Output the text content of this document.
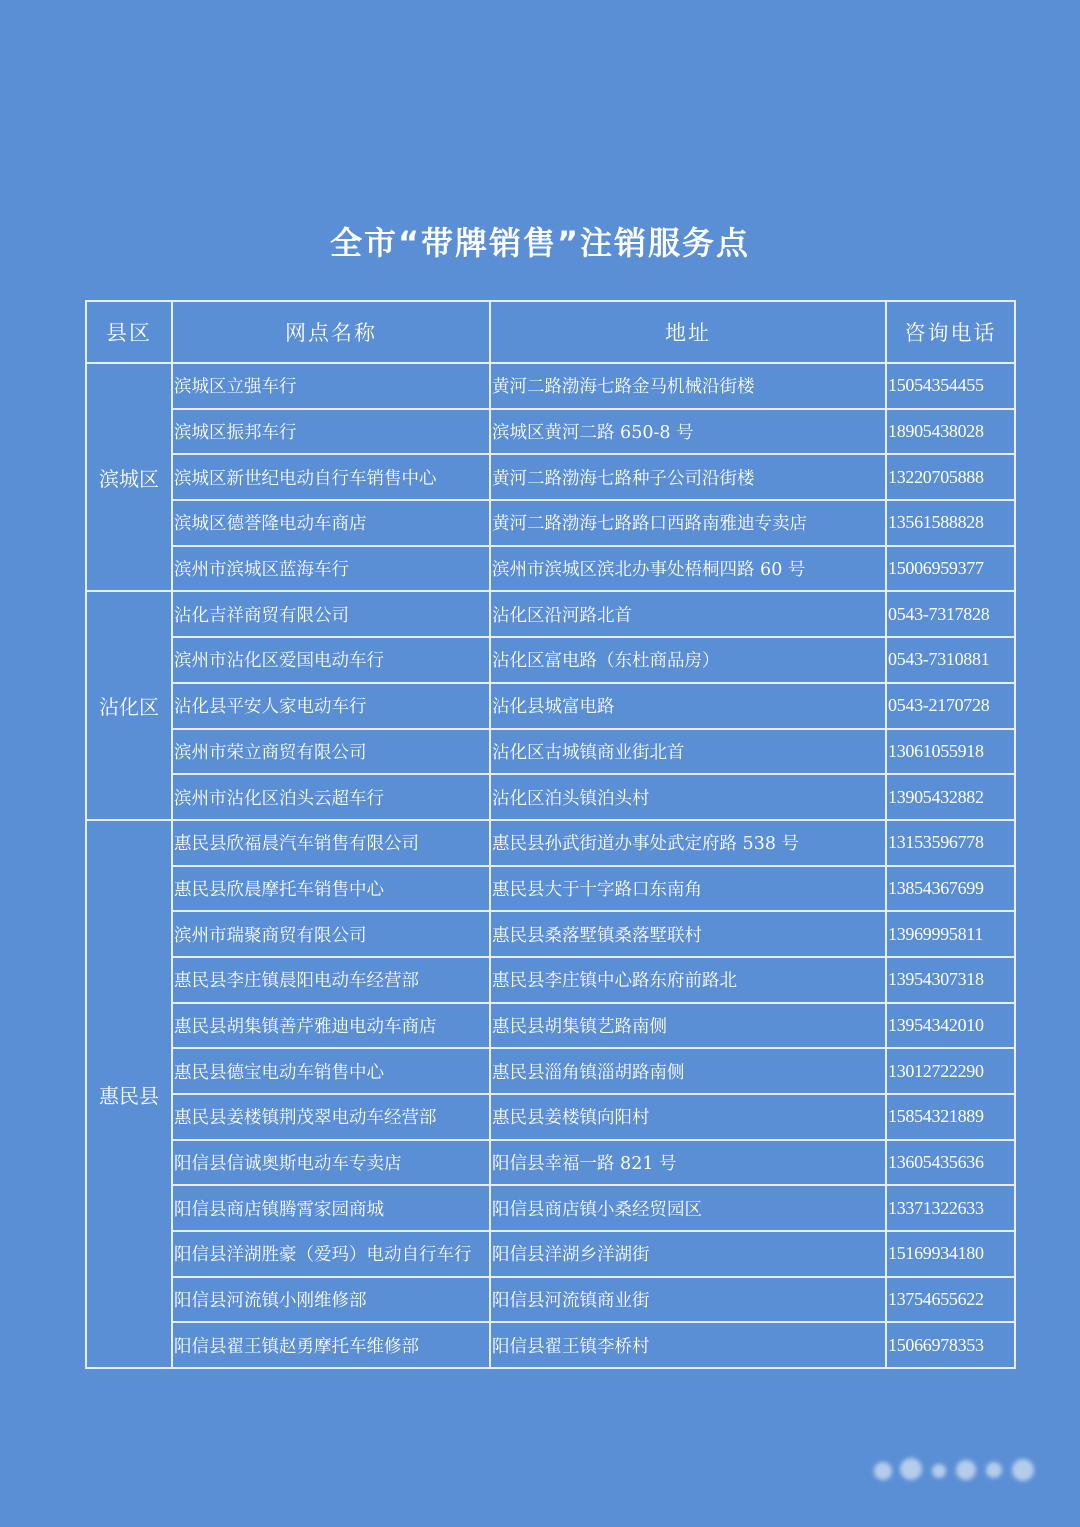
全市“带牌销售”注销服务点
县区	网点名称	地址	咨询电话
滨城区	滨城区立强车行	黄河二路渤海七路金马机械沿街楼	15054354455
	滨城区振邦车行	滨城区黄河二路 650-8 号	18905438028
	滨城区新世纪电动自行车销售中心	黄河二路渤海七路种子公司沿街楼	13220705888
	滨城区德誉隆电动车商店	黄河二路渤海七路路口西路南雅迪专卖店	13561588828
	滨州市滨城区蓝海车行	滨州市滨城区滨北办事处梧桐四路 60 号	15006959377
沾化区	沾化吉祥商贸有限公司	沾化区沿河路北首	0543-7317828
	滨州市沾化区爱国电动车行	沾化区富电路（东杜商品房）	0543-7310881
	沾化县平安人家电动车行	沾化县城富电路	0543-2170728
	滨州市荣立商贸有限公司	沾化区古城镇商业街北首	13061055918
	滨州市沾化区泊头云超车行	沾化区泊头镇泊头村	13905432882
惠民县	惠民县欣福晨汽车销售有限公司	惠民县孙武街道办事处武定府路 538 号	13153596778
	惠民县欣晨摩托车销售中心	惠民县大于十字路口东南角	13854367699
	滨州市瑞聚商贸有限公司	惠民县桑落墅镇桑落墅联村	13969995811
	惠民县李庄镇晨阳电动车经营部	惠民县李庄镇中心路东府前路北	13954307318
	惠民县胡集镇善芹雅迪电动车商店	惠民县胡集镇艺路南侧	13954342010
	惠民县德宝电动车销售中心	惠民县淄角镇淄胡路南侧	13012722290
	惠民县姜楼镇荆茂翠电动车经营部	惠民县姜楼镇向阳村	15854321889
	阳信县信诚奥斯电动车专卖店	阳信县幸福一路 821 号	13605435636
	阳信县商店镇腾霄家园商城	阳信县商店镇小桑经贸园区	13371322633
	阳信县洋湖胜豪（爱玛）电动自行车行	阳信县洋湖乡洋湖街	15169934180
	阳信县河流镇小刚维修部	阳信县河流镇商业街	13754655622
	阳信县翟王镇赵勇摩托车维修部	阳信县翟王镇李桥村	15066978353
